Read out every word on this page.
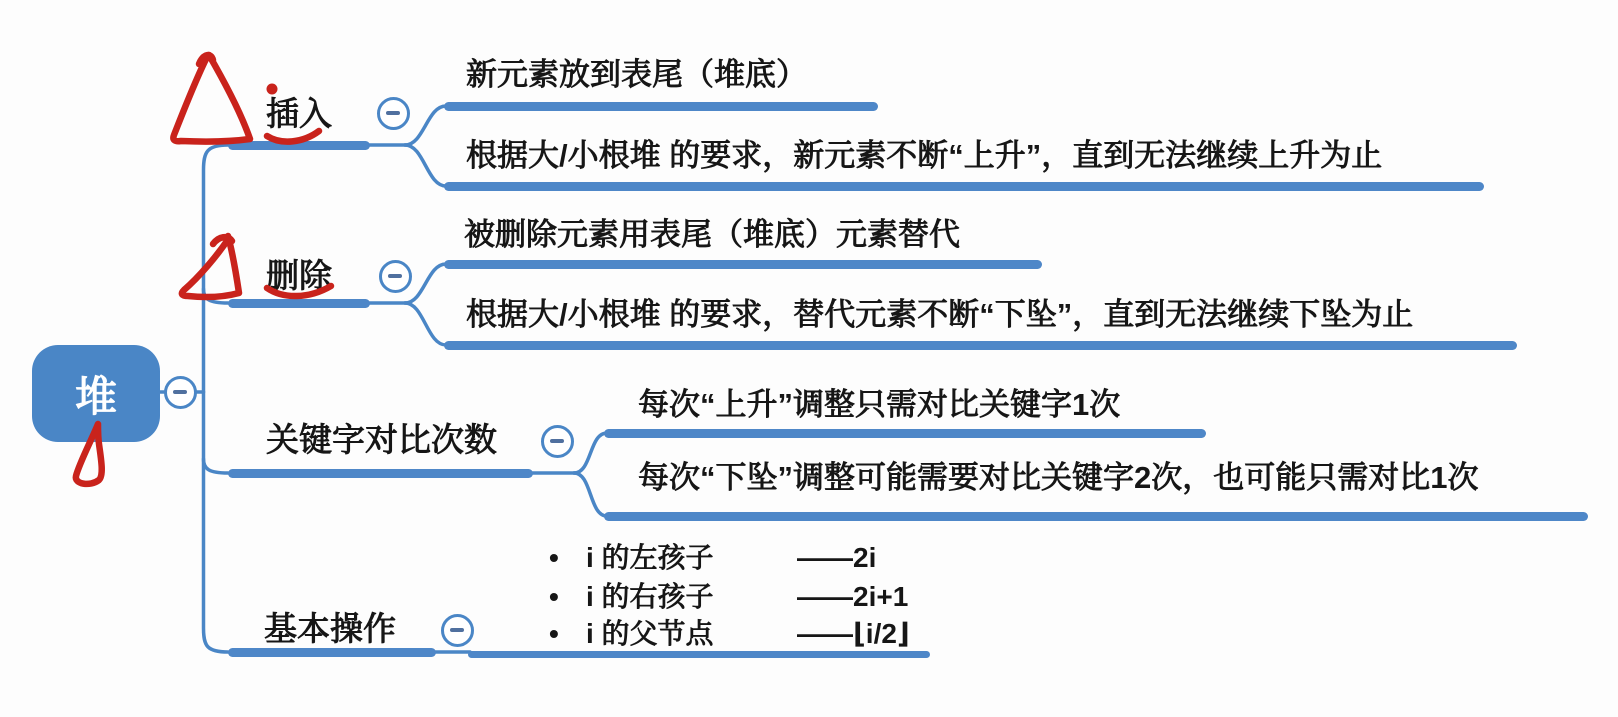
堆
插入
新元素放到表尾（堆底）
根据大/小根堆 的要求，新元素不断“上升”，直到无法继续上升为止
删除
被删除元素用表尾（堆底）元素替代
根据大/小根堆 的要求，替代元素不断“下坠”，直到无法继续下坠为止
关键字对比次数
每次“上升”调整只需对比关键字1次
每次“下坠”调整可能需要对比关键字2次，也可能只需对比1次
基本操作
• i 的左孩子	——2i
• i 的右孩子	——2i+1
• i 的父节点	——⌊i/2⌋
